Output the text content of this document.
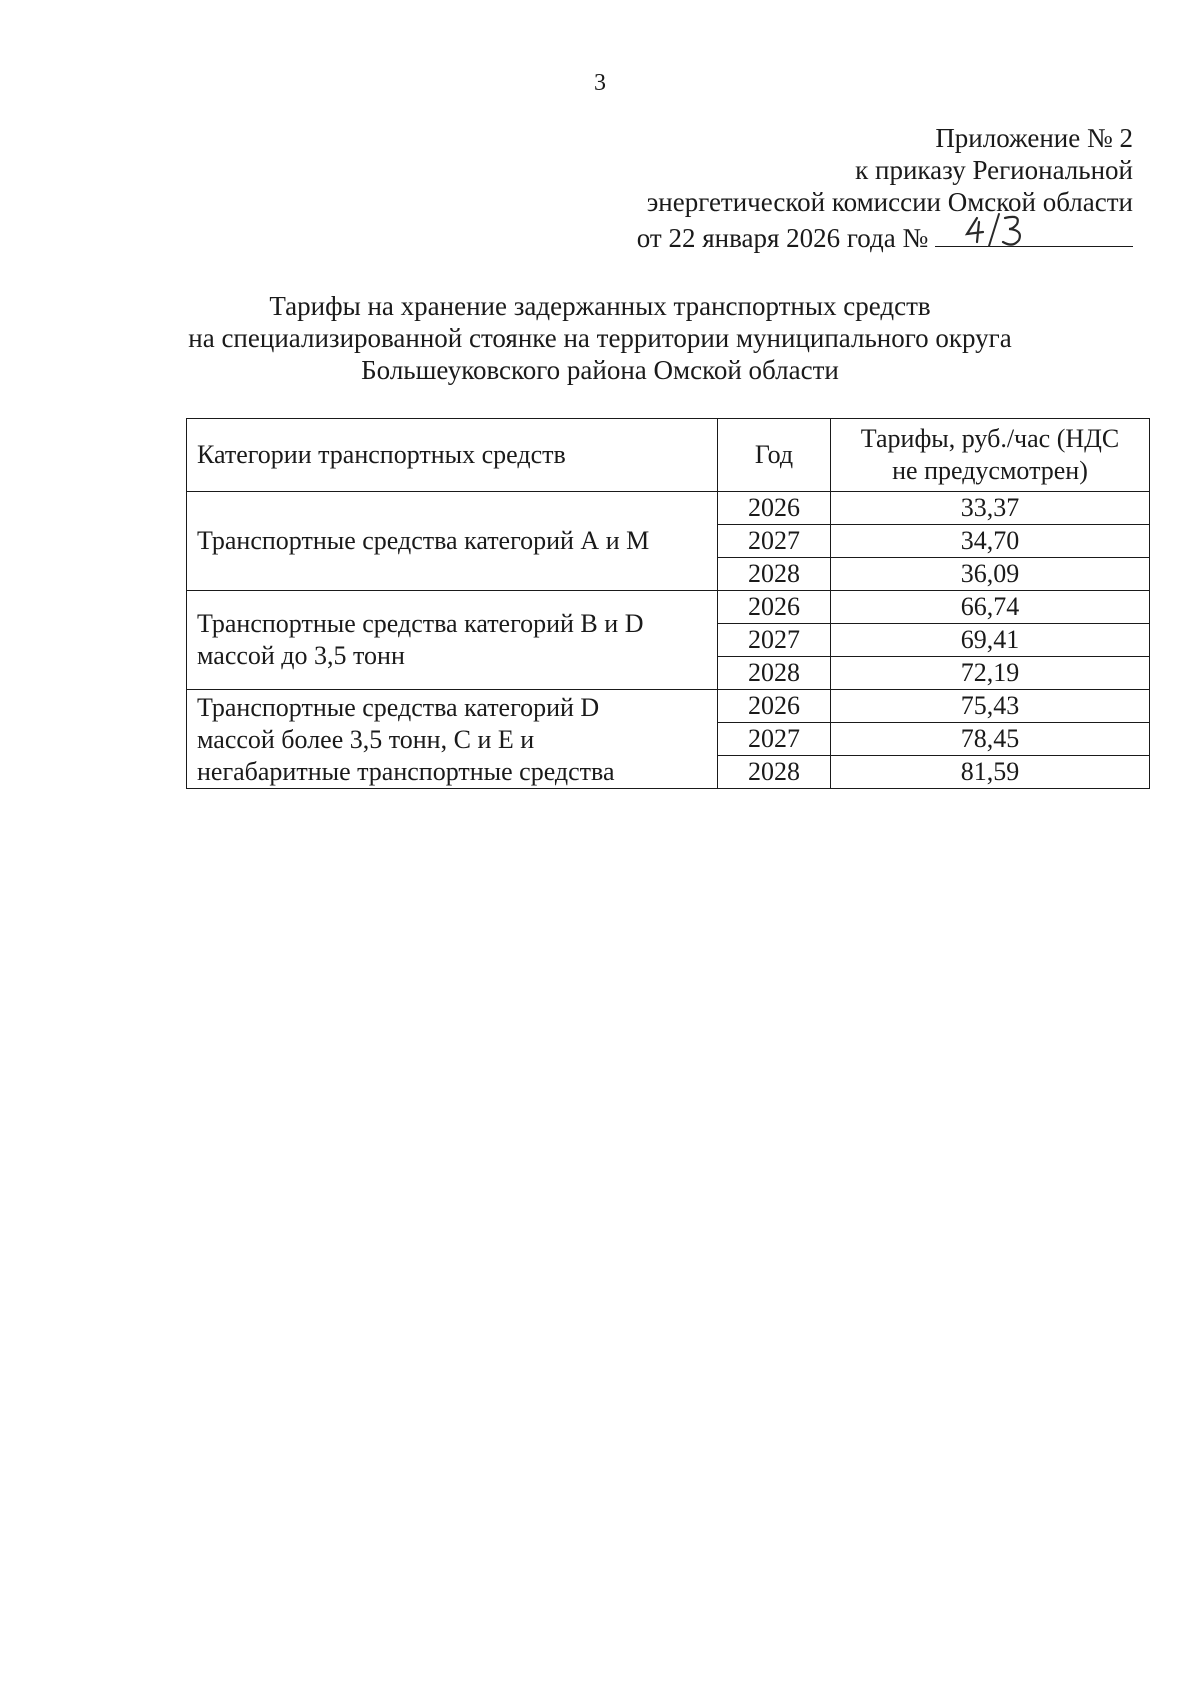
3
Приложение № 2
к приказу Региональной
энергетической комиссии Омской области
от 22 января 2026 года №
Тарифы на хранение задержанных транспортных средств
на специализированной стоянке на территории муниципального округа
Большеуковского района Омской области
Категории транспортных средств	Год	Тарифы, руб./час (НДС
не предусмотрен)
Транспортные средства категорий А и М	2026	33,37
	2027	34,70
	2028	36,09
Транспортные средства категорий B и D
массой до 3,5 тонн	2026	66,74
	2027	69,41
	2028	72,19
Транспортные средства категорий D
массой более 3,5 тонн, С и Е и
негабаритные транспортные средства	2026	75,43
	2027	78,45
	2028	81,59
